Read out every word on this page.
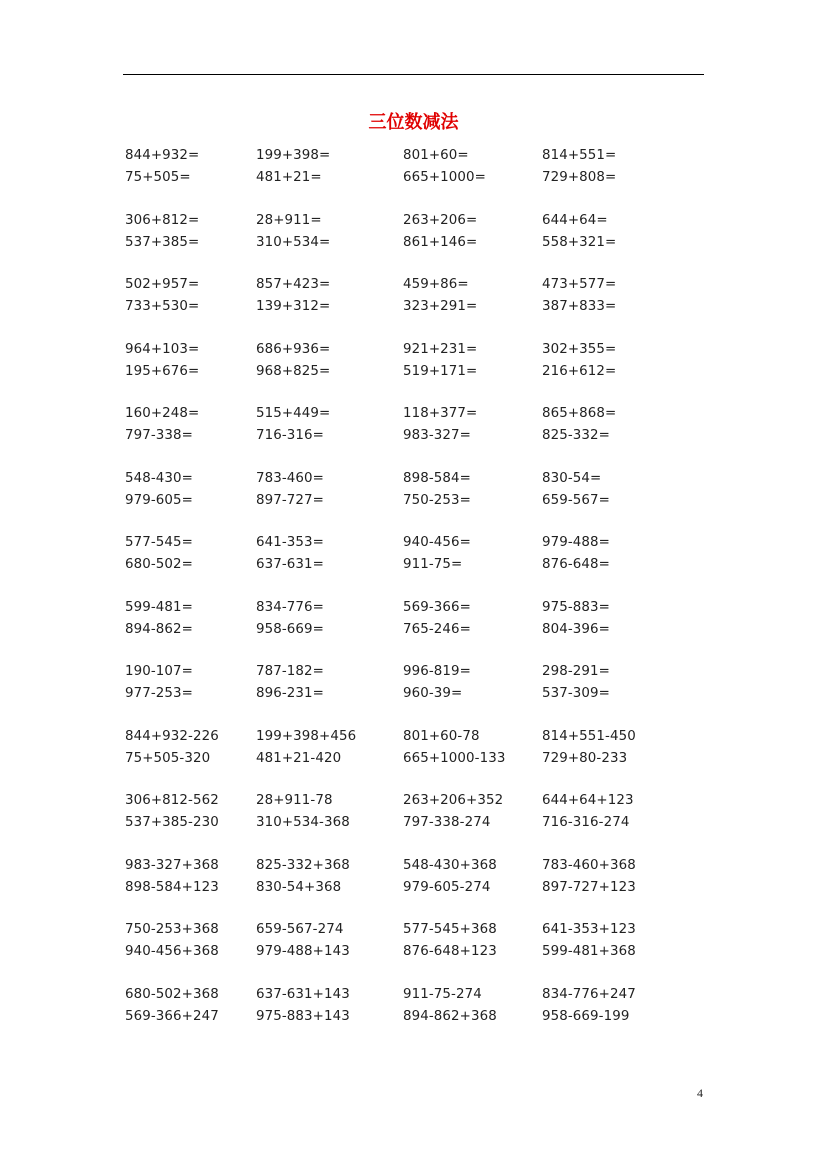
三位数减法
844+932=	199+398=	801+60=	814+551=
75+505=	481+21=	665+1000=	729+808=
306+812=	28+911=	263+206=	644+64=
537+385=	310+534=	861+146=	558+321=
502+957=	857+423=	459+86=	473+577=
733+530=	139+312=	323+291=	387+833=
964+103=	686+936=	921+231=	302+355=
195+676=	968+825=	519+171=	216+612=
160+248=	515+449=	118+377=	865+868=
797-338=	716-316=	983-327=	825-332=
548-430=	783-460=	898-584=	830-54=
979-605=	897-727=	750-253=	659-567=
577-545=	641-353=	940-456=	979-488=
680-502=	637-631=	911-75=	876-648=
599-481=	834-776=	569-366=	975-883=
894-862=	958-669=	765-246=	804-396=
190-107=	787-182=	996-819=	298-291=
977-253=	896-231=	960-39=	537-309=
844+932-226	199+398+456	801+60-78	814+551-450
75+505-320	481+21-420	665+1000-133	729+80-233
306+812-562	28+911-78	263+206+352	644+64+123
537+385-230	310+534-368	797-338-274	716-316-274
983-327+368	825-332+368	548-430+368	783-460+368
898-584+123	830-54+368	979-605-274	897-727+123
750-253+368	659-567-274	577-545+368	641-353+123
940-456+368	979-488+143	876-648+123	599-481+368
680-502+368	637-631+143	911-75-274	834-776+247
569-366+247	975-883+143	894-862+368	958-669-199
4
